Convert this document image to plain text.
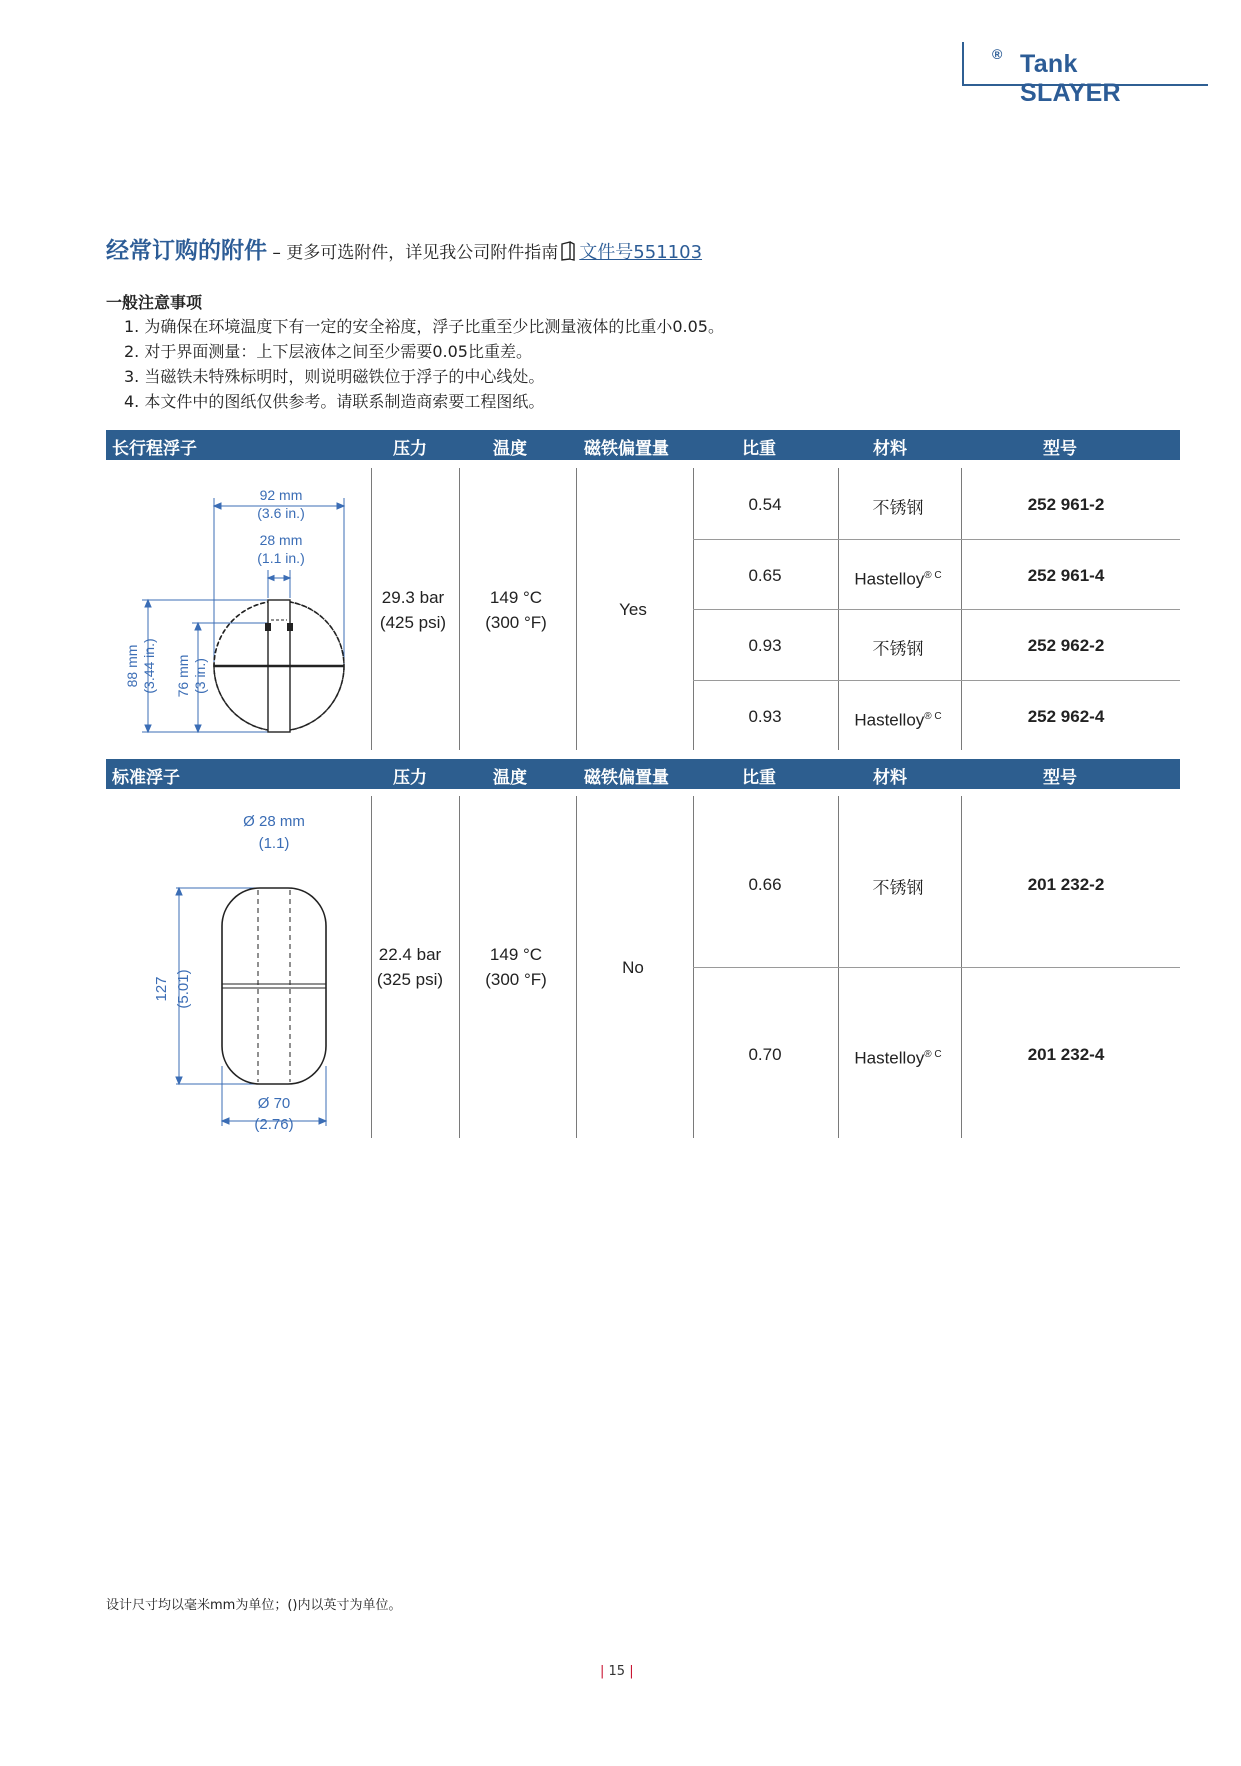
Tank SLAYER
®
经常订购的附件 – 更多可选附件，详见我公司附件指南 文件号551103
一般注意事项
1. 为确保在环境温度下有一定的安全裕度，浮子比重至少比测量液体的比重小0.05。
2. 对于界面测量：上下层液体之间至少需要0.05比重差。
3. 当磁铁未特殊标明时，则说明磁铁位于浮子的中心线处。
4. 本文件中的图纸仅供参考。请联系制造商索要工程图纸。
长行程浮子	压力	温度	磁铁偏置量	比重	材料	型号
29.3 bar
(425 psi)
149 °C
(300 °F)
Yes
0.54	不锈钢	252 961-2
0.65	Hastelloy$^{® C}$	252 961-4
0.93	不锈钢	252 962-2
0.93	Hastelloy$^{® C}$	252 962-4
92 mm
(3.6 in.)
28 mm
(1.1 in.)
88 mm (3.44 in.) 76 mm (3 in.)
标准浮子	压力	温度	磁铁偏置量	比重	材料	型号
22.4 bar
(325 psi)
149 °C
(300 °F)
No
0.66	不锈钢	201 232-2
0.70	Hastelloy$^{® C}$	201 232-4
Ø 28 mm
(1.1)
127 (5.01)
Ø 70
(2.76)
设计尺寸均以毫米mm为单位；()内以英寸为单位。
| 15 |
